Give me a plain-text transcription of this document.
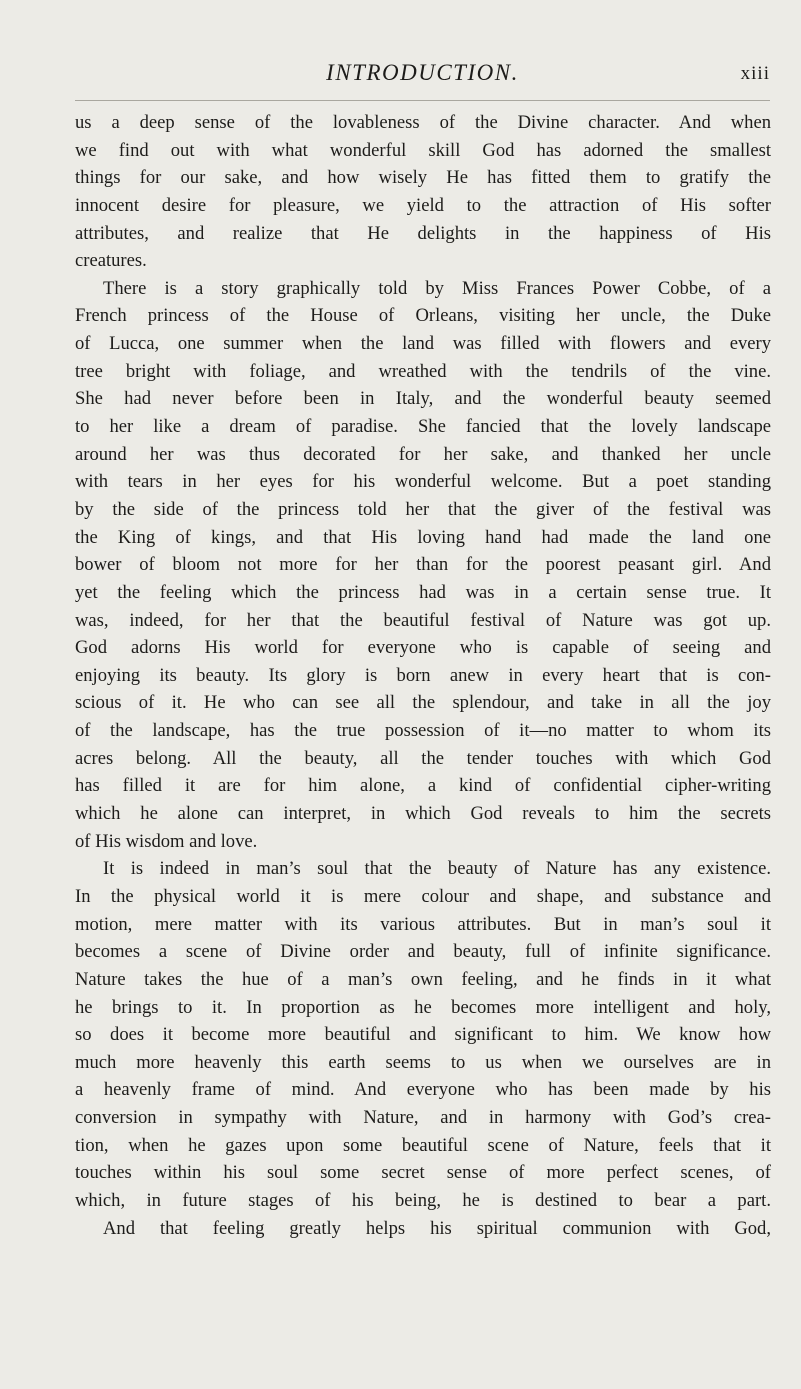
INTRODUCTION.	xiii
us a deep sense of the lovableness of the Divine character. And when
we find out with what wonderful skill God has adorned the smallest
things for our sake, and how wisely He has fitted them to gratify the
innocent desire for pleasure, we yield to the attraction of His softer
attributes, and realize that He delights in the happiness of His
creatures.
There is a story graphically told by Miss Frances Power Cobbe, of a
French princess of the House of Orleans, visiting her uncle, the Duke
of Lucca, one summer when the land was filled with flowers and every
tree bright with foliage, and wreathed with the tendrils of the vine.
She had never before been in Italy, and the wonderful beauty seemed
to her like a dream of paradise. She fancied that the lovely landscape
around her was thus decorated for her sake, and thanked her uncle
with tears in her eyes for his wonderful welcome. But a poet standing
by the side of the princess told her that the giver of the festival was
the King of kings, and that His loving hand had made the land one
bower of bloom not more for her than for the poorest peasant girl. And
yet the feeling which the princess had was in a certain sense true. It
was, indeed, for her that the beautiful festival of Nature was got up.
God adorns His world for everyone who is capable of seeing and
enjoying its beauty. Its glory is born anew in every heart that is con-
scious of it. He who can see all the splendour, and take in all the joy
of the landscape, has the true possession of it—no matter to whom its
acres belong. All the beauty, all the tender touches with which God
has filled it are for him alone, a kind of confidential cipher-writing
which he alone can interpret, in which God reveals to him the secrets
of His wisdom and love.
It is indeed in man’s soul that the beauty of Nature has any existence.
In the physical world it is mere colour and shape, and substance and
motion, mere matter with its various attributes. But in man’s soul it
becomes a scene of Divine order and beauty, full of infinite significance.
Nature takes the hue of a man’s own feeling, and he finds in it what
he brings to it. In proportion as he becomes more intelligent and holy,
so does it become more beautiful and significant to him. We know how
much more heavenly this earth seems to us when we ourselves are in
a heavenly frame of mind. And everyone who has been made by his
conversion in sympathy with Nature, and in harmony with God’s crea-
tion, when he gazes upon some beautiful scene of Nature, feels that it
touches within his soul some secret sense of more perfect scenes, of
which, in future stages of his being, he is destined to bear a part.
And that feeling greatly helps his spiritual communion with God,
